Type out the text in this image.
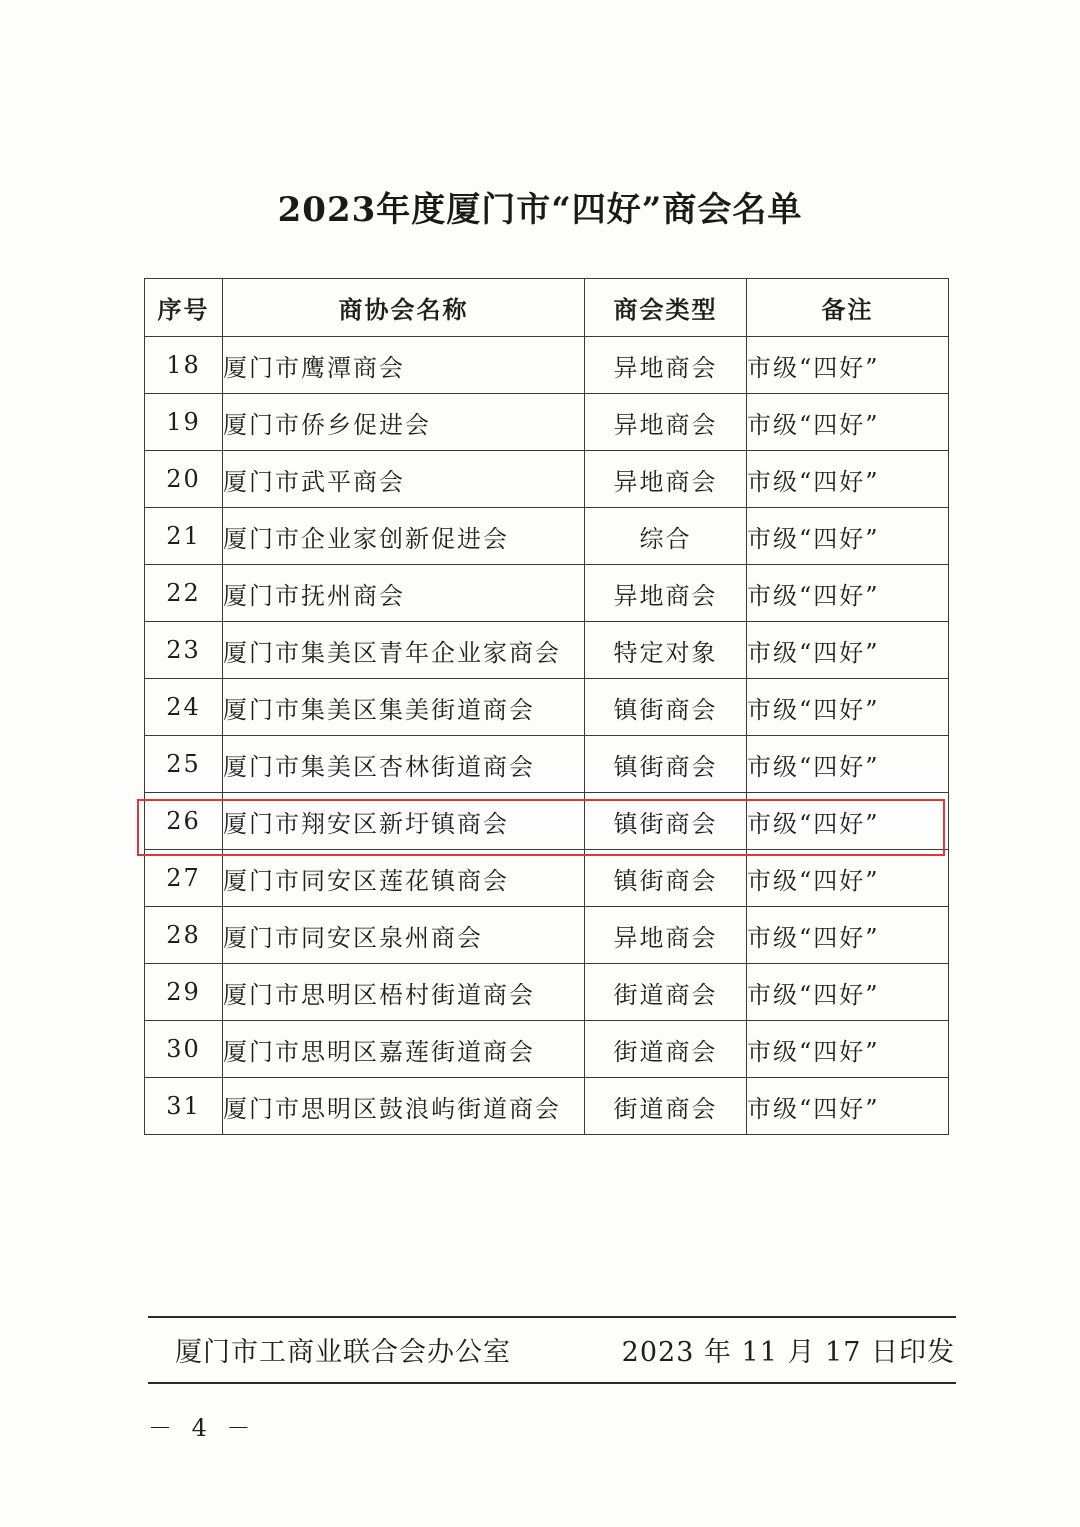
2023年度厦门市“四好”商会名单
序号	商协会名称	商会类型	备注
18	厦门市鹰潭商会	异地商会	市级“四好”
19	厦门市侨乡促进会	异地商会	市级“四好”
20	厦门市武平商会	异地商会	市级“四好”
21	厦门市企业家创新促进会	综合	市级“四好”
22	厦门市抚州商会	异地商会	市级“四好”
23	厦门市集美区青年企业家商会	特定对象	市级“四好”
24	厦门市集美区集美街道商会	镇街商会	市级“四好”
25	厦门市集美区杏林街道商会	镇街商会	市级“四好”
26	厦门市翔安区新圩镇商会	镇街商会	市级“四好”
27	厦门市同安区莲花镇商会	镇街商会	市级“四好”
28	厦门市同安区泉州商会	异地商会	市级“四好”
29	厦门市思明区梧村街道商会	街道商会	市级“四好”
30	厦门市思明区嘉莲街道商会	街道商会	市级“四好”
31	厦门市思明区鼓浪屿街道商会	街道商会	市级“四好”
厦门市工商业联合会办公室	2023 年 11 月 17 日印发
－ 4 －
